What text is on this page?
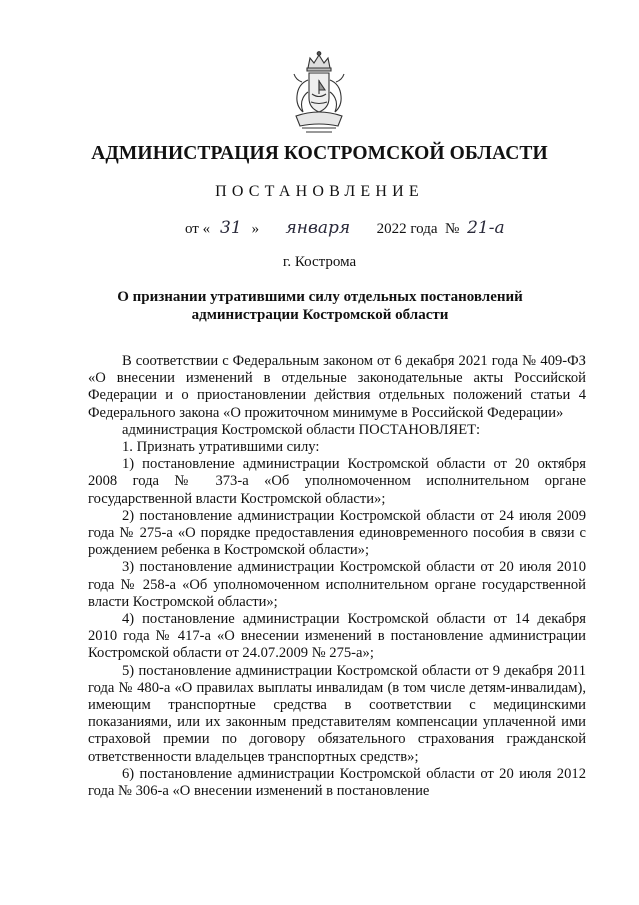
АДМИНИСТРАЦИЯ КОСТРОМСКОЙ ОБЛАСТИ
ПОСТАНОВЛЕНИЕ
от « 31 » января 2022 года № 21-а
г. Кострома
О признании утратившими силу отдельных постановлений
администрации Костромской области

В соответствии с Федеральным законом от 6 декабря 2021 года № 409-ФЗ «О внесении изменений в отдельные законодательные акты Российской Федерации и о приостановлении действия отдельных положений статьи 4 Федерального закона «О прожиточном минимуме в Российской Федерации»

администрация Костромской области ПОСТАНОВЛЯЕТ:

1. Признать утратившими силу:

1) постановление администрации Костромской области от 20 октября 2008 года № 373-а «Об уполномоченном исполнительном органе государственной власти Костромской области»;

2) постановление администрации Костромской области от 24 июля 2009 года № 275-а «О порядке предоставления единовременного пособия в связи с рождением ребенка в Костромской области»;

3) постановление администрации Костромской области от 20 июля 2010 года № 258-а «Об уполномоченном исполнительном органе государственной власти Костромской области»;

4) постановление администрации Костромской области от 14 декабря 2010 года № 417-а «О внесении изменений в постановление администрации Костромской области от 24.07.2009 № 275-а»;

5) постановление администрации Костромской области от 9 декабря 2011 года № 480-а «О правилах выплаты инвалидам (в том числе детям-инвалидам), имеющим транспортные средства в соответствии с медицинскими показаниями, или их законным представителям компенсации уплаченной ими страховой премии по договору обязательного страхования гражданской ответственности владельцев транспортных средств»;

6) постановление администрации Костромской области от 20 июля 2012 года № 306-а «О внесении изменений в постановление
